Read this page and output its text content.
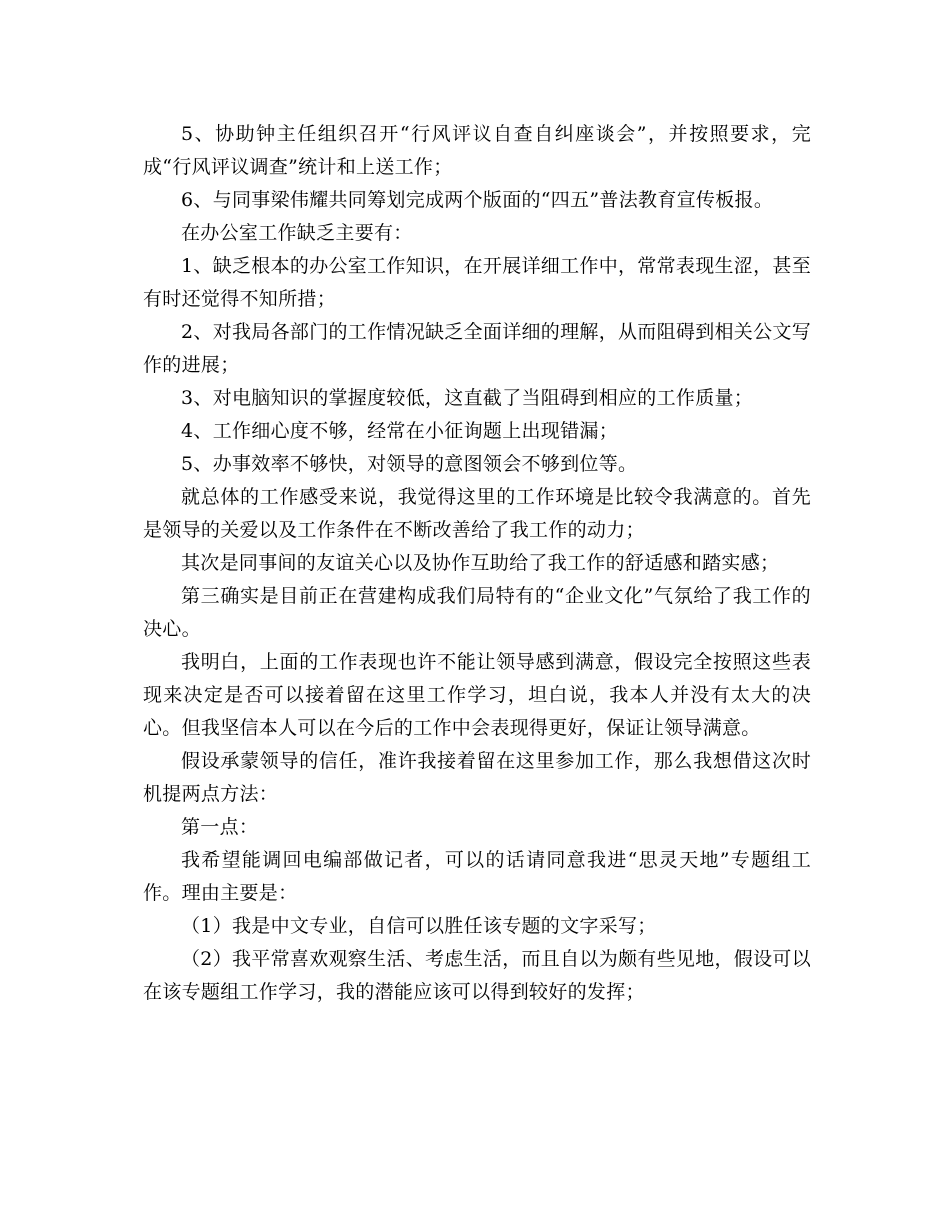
5、协助钟主任组织召开“行风评议自查自纠座谈会”，并按照要求，完成“行风评议调查”统计和上送工作；

6、与同事梁伟耀共同筹划完成两个版面的“四五”普法教育宣传板报。

在办公室工作缺乏主要有：

1、缺乏根本的办公室工作知识，在开展详细工作中，常常表现生涩，甚至有时还觉得不知所措；

2、对我局各部门的工作情况缺乏全面详细的理解，从而阻碍到相关公文写作的进展；

3、对电脑知识的掌握度较低，这直截了当阻碍到相应的工作质量；

4、工作细心度不够，经常在小征询题上出现错漏；

5、办事效率不够快，对领导的意图领会不够到位等。

就总体的工作感受来说，我觉得这里的工作环境是比较令我满意的。首先是领导的关爱以及工作条件在不断改善给了我工作的动力；

其次是同事间的友谊关心以及协作互助给了我工作的舒适感和踏实感；

第三确实是目前正在营建构成我们局特有的“企业文化”气氛给了我工作的决心。

我明白，上面的工作表现也许不能让领导感到满意，假设完全按照这些表现来决定是否可以接着留在这里工作学习，坦白说，我本人并没有太大的决心。但我坚信本人可以在今后的工作中会表现得更好，保证让领导满意。

假设承蒙领导的信任，准许我接着留在这里参加工作，那么我想借这次时机提两点方法：

第一点：

我希望能调回电编部做记者，可以的话请同意我进“思灵天地”专题组工作。理由主要是：

（1）我是中文专业，自信可以胜任该专题的文字采写；

（2）我平常喜欢观察生活、考虑生活，而且自以为颇有些见地，假设可以在该专题组工作学习，我的潜能应该可以得到较好的发挥；
